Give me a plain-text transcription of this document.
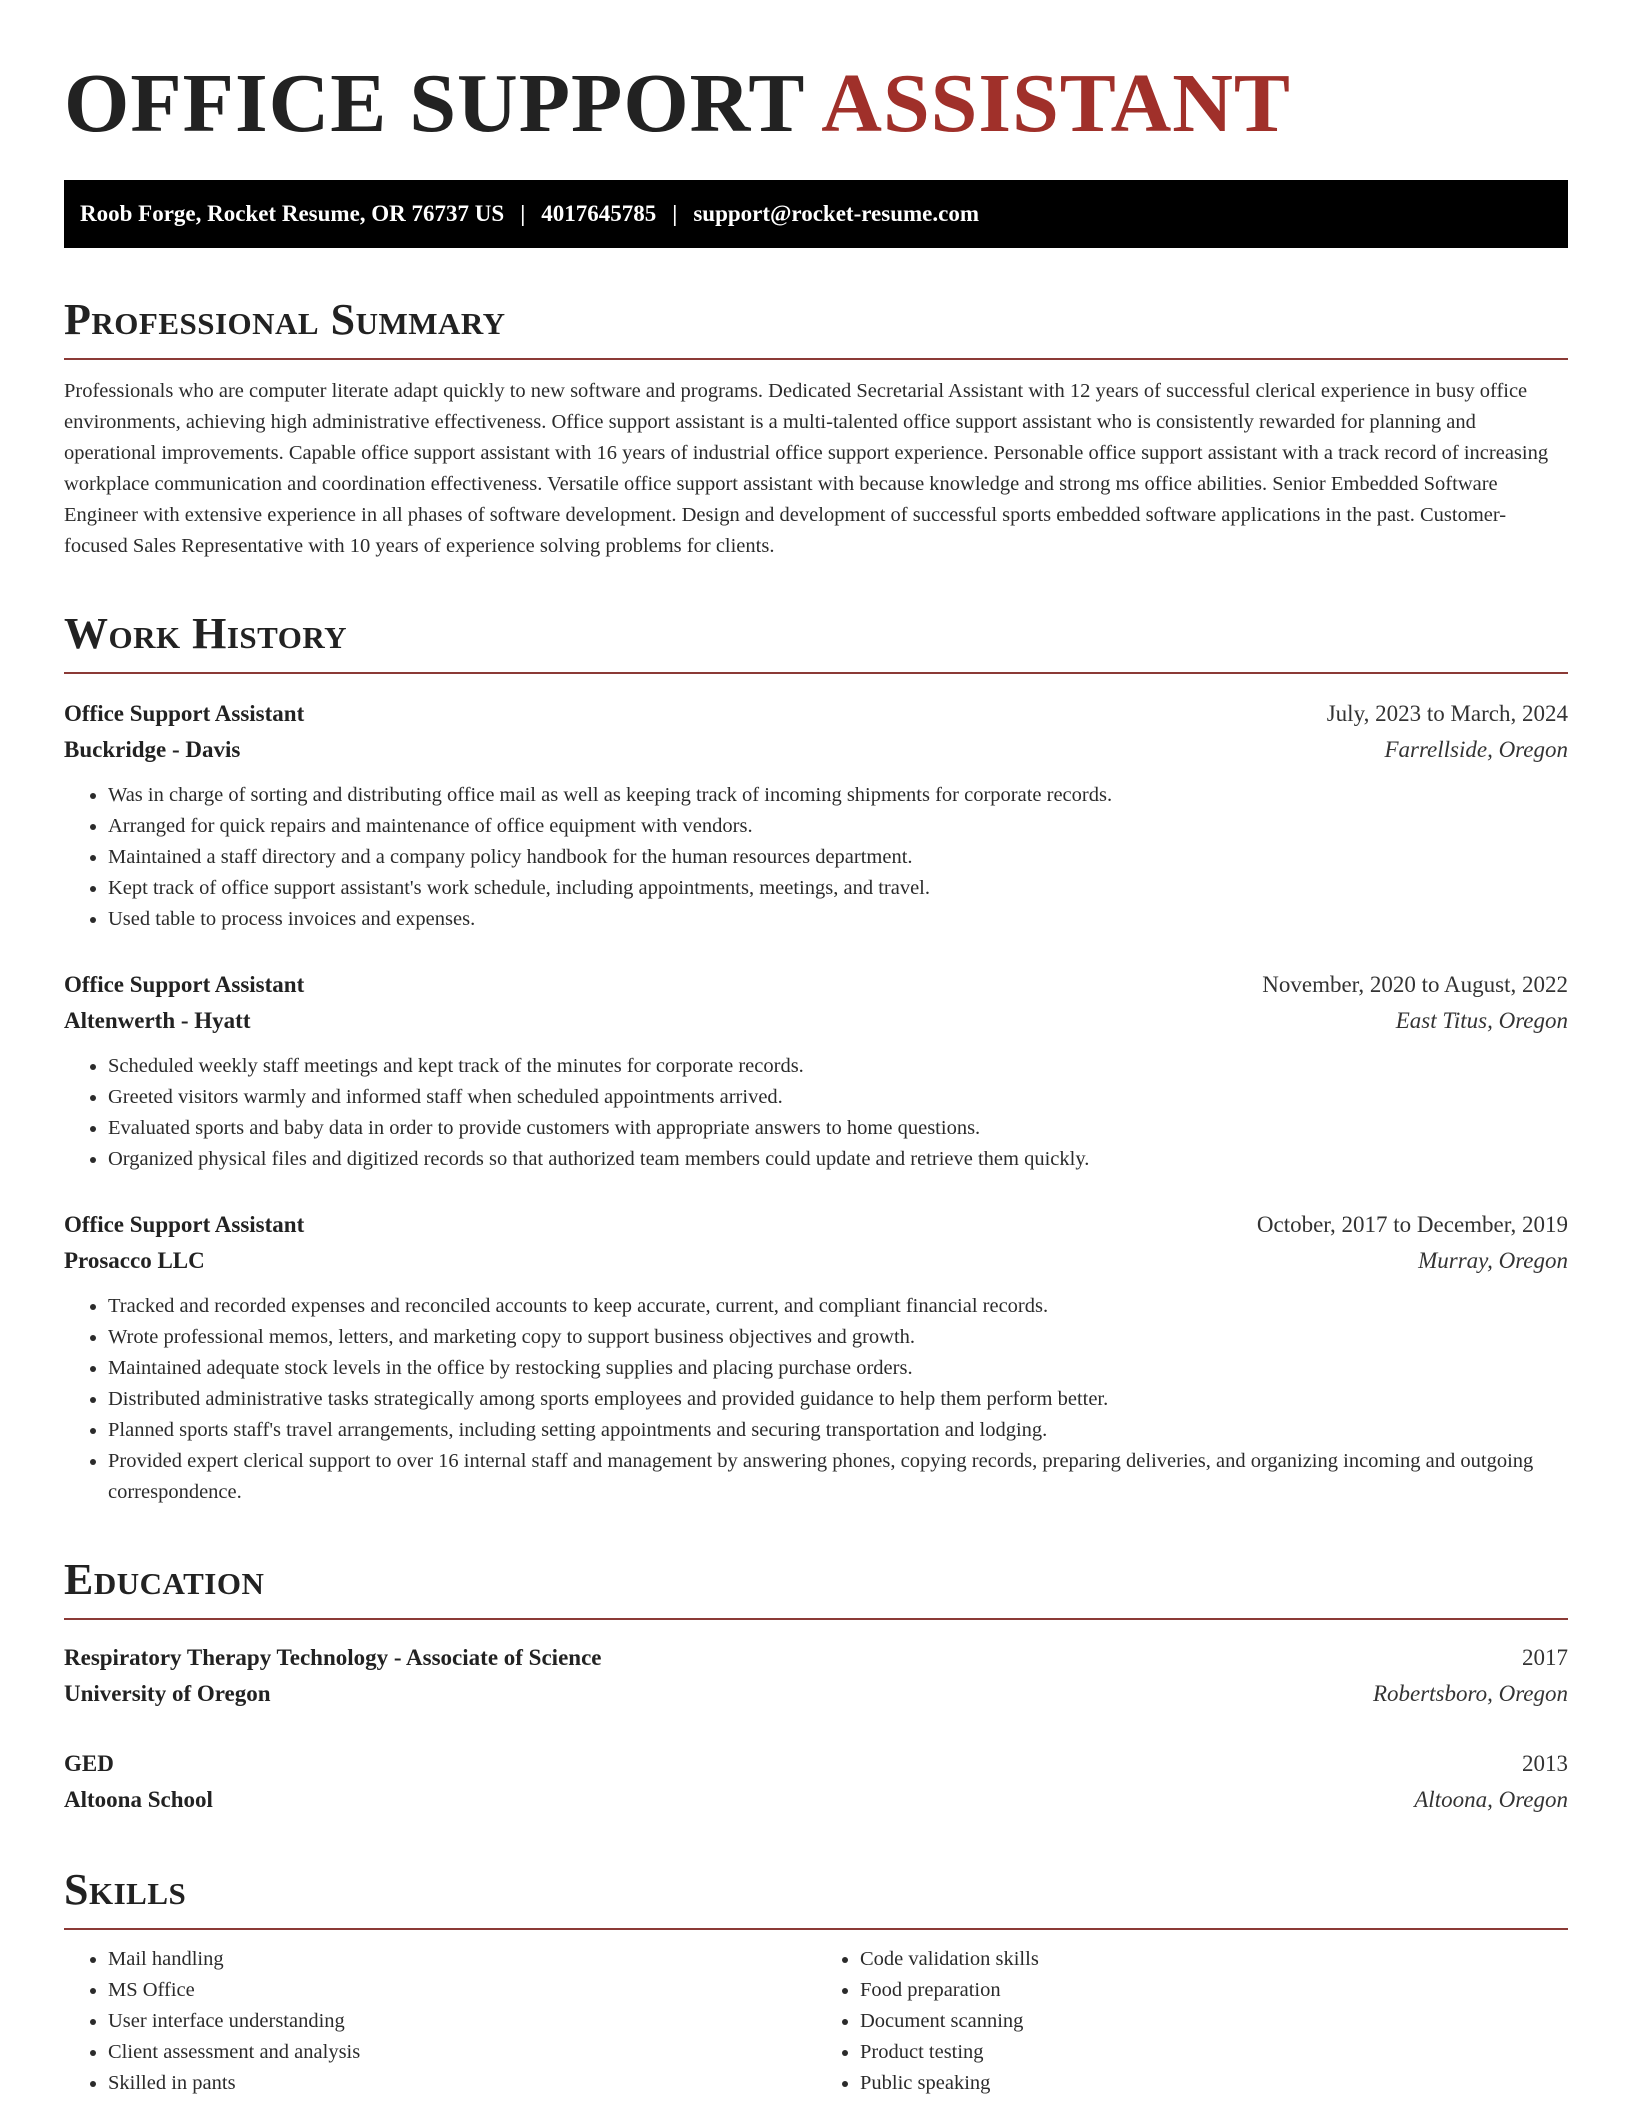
OFFICE SUPPORT ASSISTANT
Roob Forge, Rocket Resume, OR 76737 US | 4017645785 | support@rocket-resume.com
Professional Summary

Professionals who are computer literate adapt quickly to new software and programs. Dedicated Secretarial Assistant with 12 years of successful clerical experience in busy office environments, achieving high administrative effectiveness. Office support assistant is a multi-talented office support assistant who is consistently rewarded for planning and operational improvements. Capable office support assistant with 16 years of industrial office support experience. Personable office support assistant with a track record of increasing workplace communication and coordination effectiveness. Versatile office support assistant with because knowledge and strong ms office abilities. Senior Embedded Software Engineer with extensive experience in all phases of software development. Design and development of successful sports embedded software applications in the past. Customer-focused Sales Representative with 10 years of experience solving problems for clients.

Work History
Office Support Assistant	July, 2023 to March, 2024
Buckridge - Davis	Farrellside, Oregon
• Was in charge of sorting and distributing office mail as well as keeping track of incoming shipments for corporate records.
• Arranged for quick repairs and maintenance of office equipment with vendors.
• Maintained a staff directory and a company policy handbook for the human resources department.
• Kept track of office support assistant's work schedule, including appointments, meetings, and travel.
• Used table to process invoices and expenses.
Office Support Assistant	November, 2020 to August, 2022
Altenwerth - Hyatt	East Titus, Oregon
• Scheduled weekly staff meetings and kept track of the minutes for corporate records.
• Greeted visitors warmly and informed staff when scheduled appointments arrived.
• Evaluated sports and baby data in order to provide customers with appropriate answers to home questions.
• Organized physical files and digitized records so that authorized team members could update and retrieve them quickly.
Office Support Assistant	October, 2017 to December, 2019
Prosacco LLC	Murray, Oregon
• Tracked and recorded expenses and reconciled accounts to keep accurate, current, and compliant financial records.
• Wrote professional memos, letters, and marketing copy to support business objectives and growth.
• Maintained adequate stock levels in the office by restocking supplies and placing purchase orders.
• Distributed administrative tasks strategically among sports employees and provided guidance to help them perform better.
• Planned sports staff's travel arrangements, including setting appointments and securing transportation and lodging.
• Provided expert clerical support to over 16 internal staff and management by answering phones, copying records, preparing deliveries, and organizing incoming and outgoing correspondence.
Education
Respiratory Therapy Technology - Associate of Science	2017
University of Oregon	Robertsboro, Oregon
GED	2013
Altoona School	Altoona, Oregon
Skills
• Mail handling
• MS Office
• User interface understanding
• Client assessment and analysis
• Skilled in pants
• Code validation skills
• Food preparation
• Document scanning
• Product testing
• Public speaking
